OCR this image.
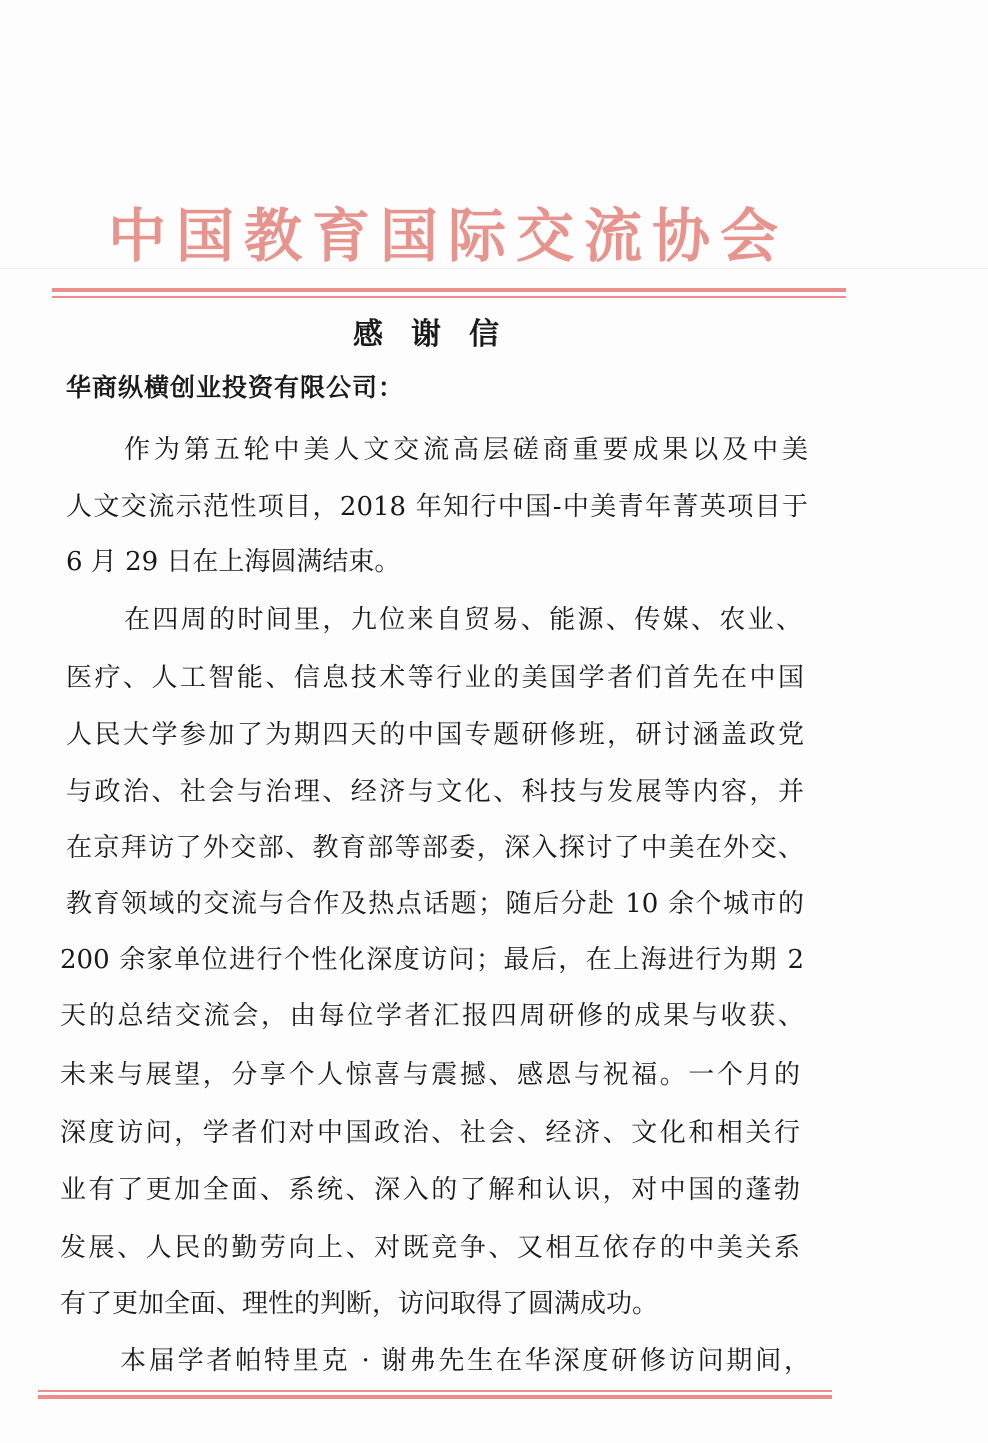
中国教育国际交流协会
感谢信
华商纵横创业投资有限公司：
作为第五轮中美人文交流高层磋商重要成果以及中美
人文交流示范性项目，2018 年知行中国-中美青年菁英项目于
6 月 29 日在上海圆满结束。
在四周的时间里，九位来自贸易、能源、传媒、农业、
医疗、人工智能、信息技术等行业的美国学者们首先在中国
人民大学参加了为期四天的中国专题研修班，研讨涵盖政党
与政治、社会与治理、经济与文化、科技与发展等内容，并
在京拜访了外交部、教育部等部委，深入探讨了中美在外交、
教育领域的交流与合作及热点话题；随后分赴 10 余个城市的
200 余家单位进行个性化深度访问；最后，在上海进行为期 2
天的总结交流会，由每位学者汇报四周研修的成果与收获、
未来与展望，分享个人惊喜与震撼、感恩与祝福。一个月的
深度访问，学者们对中国政治、社会、经济、文化和相关行
业有了更加全面、系统、深入的了解和认识，对中国的蓬勃
发展、人民的勤劳向上、对既竞争、又相互依存的中美关系
有了更加全面、理性的判断，访问取得了圆满成功。
本届学者帕特里克 · 谢弗先生在华深度研修访问期间，
